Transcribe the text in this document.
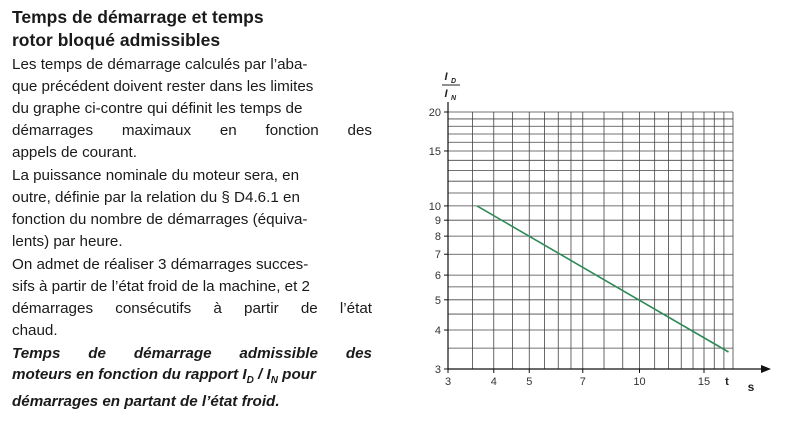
Temps de démarrage et temps
rotor bloqué admissibles
Les temps de démarrage calculés par l’aba-
que précédent doivent rester dans les limites
du graphe ci-contre qui définit les temps de
démarrages maximaux en fonction des
appels de courant.
La puissance nominale du moteur sera, en
outre, définie par la relation du § D4.6.1 en
fonction du nombre de démarrages (équiva-
lents) par heure.
On admet de réaliser 3 démarrages succes-
sifs à partir de l’état froid de la machine, et 2
démarrages consécutifs à partir de l’état
chaud.
Temps de démarrage admissible des
moteurs en fonction du rapport $I_D / I_N$ pour
démarrages en partant de l’état froid.
3	4	5	7	10	15
3
4
5
6
7
8
9
10
15
20
t s
I D
I N
